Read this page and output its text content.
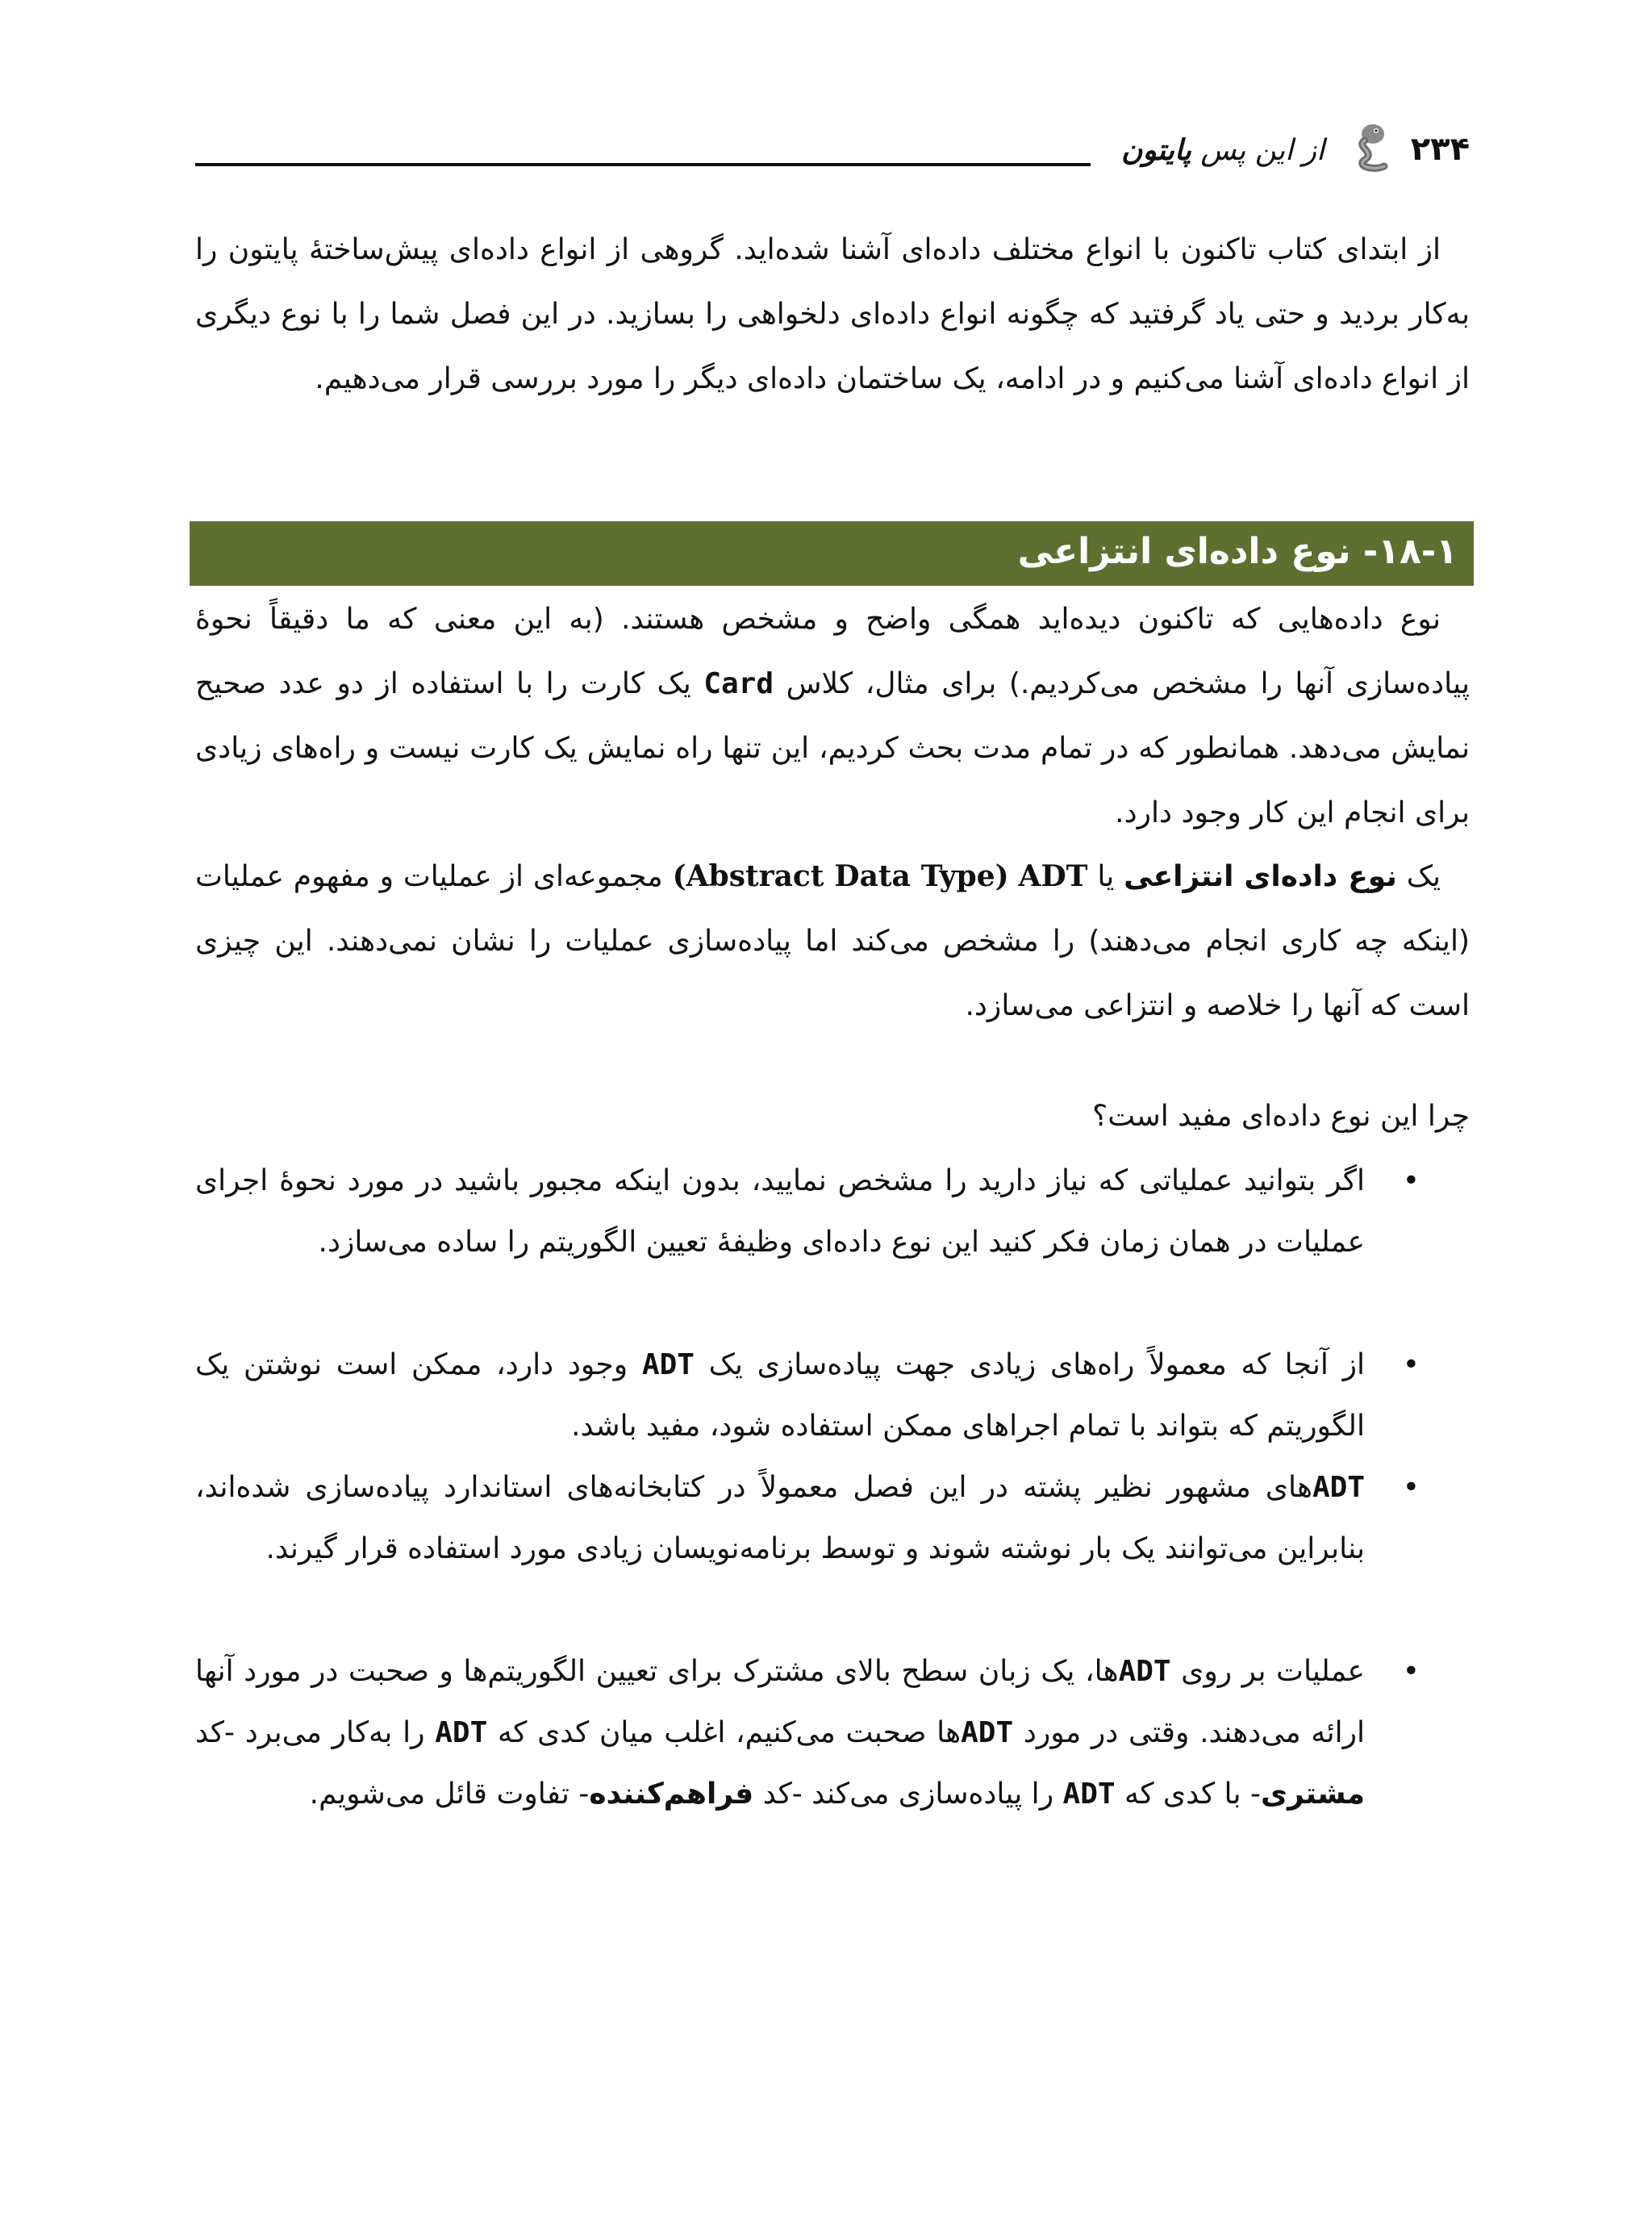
۲۳۴
از این پس پایتون
 از ابتدای کتاب تاکنون با انواع مختلف داده‌ای آشنا شده‌اید. گروهی از انواع داده‌ای پیش‌ساختهٔ پایتون را به‌کار بردید و حتی یاد گرفتید که چگونه انواع داده‌ای دلخواهی را بسازید. در این فصل شما را با نوع دیگری از انواع داده‌ای آشنا می‌کنیم و در ادامه، یک ساختمان داده‌ای دیگر را مورد بررسی قرار می‌دهیم.
۱۸-۱- نوع داده‌ای انتزاعی
 نوع داده‌هایی که تاکنون دیده‌اید همگی واضح و مشخص هستند. (به این معنی که ما دقیقاً نحوهٔ پیاده‌سازی آنها را مشخص می‌کردیم.) برای مثال، کلاس Card یک کارت را با استفاده از دو عدد صحیح نمایش می‌دهد. همانطور که در تمام مدت بحث کردیم، این تنها راه نمایش یک کارت نیست و راه‌های زیادی برای انجام این کار وجود دارد.
 یک نوع داده‌ای انتزاعی یا ADT (Abstract Data Type) مجموعه‌ای از عملیات و مفهوم عملیات (اینکه چه کاری انجام می‌دهند) را مشخص می‌کند اما پیاده‌سازی عملیات را نشان نمی‌دهند. این چیزی است که آنها را خلاصه و انتزاعی می‌سازد.
چرا این نوع داده‌ای مفید است؟
•
اگر بتوانید عملیاتی که نیاز دارید را مشخص نمایید، بدون اینکه مجبور باشید در مورد نحوهٔ اجرای عملیات در همان زمان فکر کنید این نوع داده‌ای وظیفهٔ تعیین الگوریتم را ساده می‌سازد.
•
از آنجا که معمولاً راه‌های زیادی جهت پیاده‌سازی یک ADT وجود دارد، ممکن است نوشتن یک الگوریتم که بتواند با تمام اجراهای ممکن استفاده شود، مفید باشد.
•
ADTهای مشهور نظیر پشته در این فصل معمولاً در کتابخانه‌های استاندارد پیاده‌سازی شده‌اند، بنابراین می‌توانند یک بار نوشته شوند و توسط برنامه‌نویسان زیادی مورد استفاده قرار گیرند.
•
عملیات بر روی ADTها، یک زبان سطح بالای مشترک برای تعیین الگوریتم‌ها و صحبت در مورد آنها ارائه می‌دهند. وقتی در مورد ADTها صحبت می‌کنیم، اغلب میان کدی که ADT را به‌کار می‌برد -کد مشتری- با کدی که ADT را پیاده‌سازی می‌کند -کد فراهم‌کننده- تفاوت قائل می‌شویم.
